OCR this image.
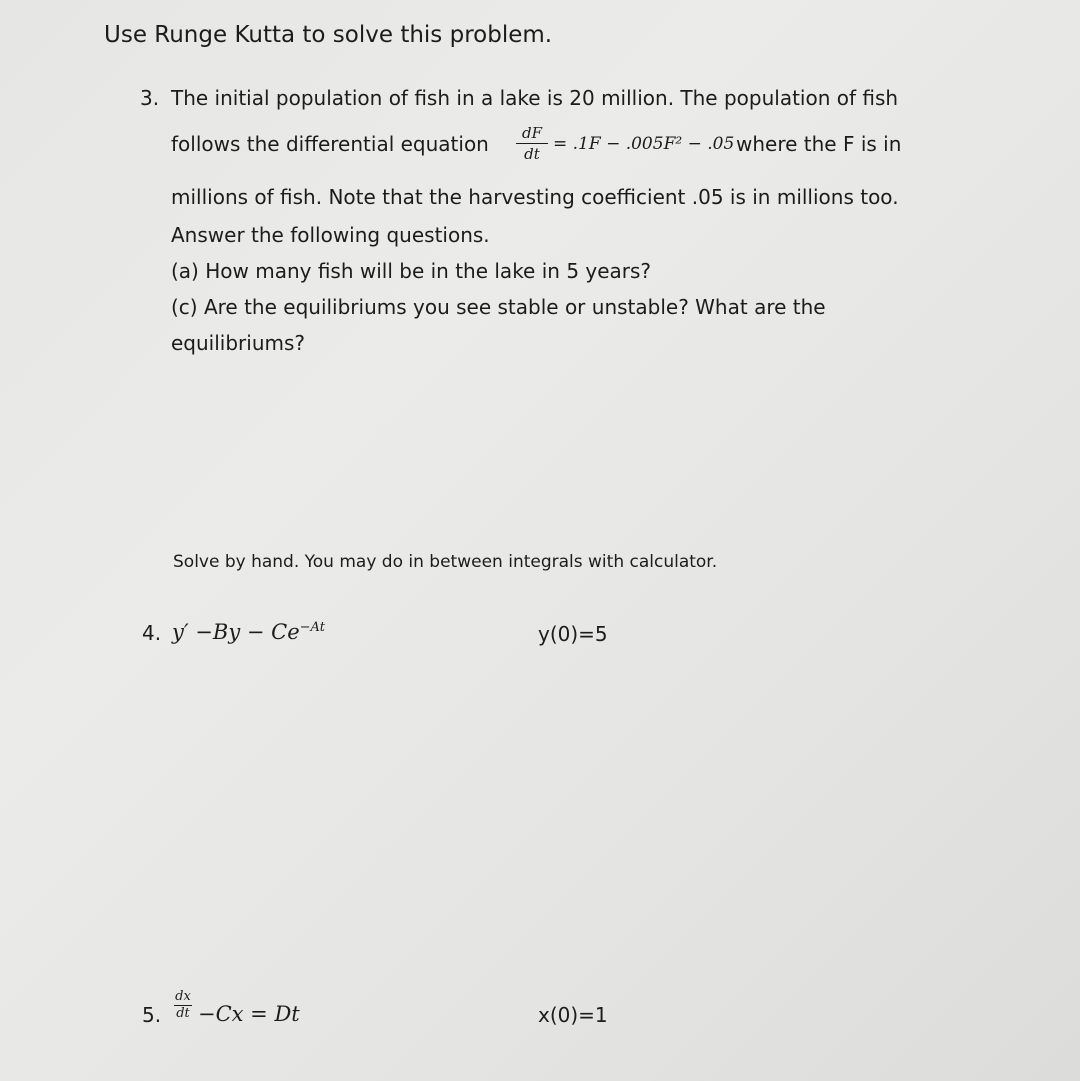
Use Runge Kutta to solve this problem.
3. The initial population of fish in a lake is 20 million. The population of fish
follows the differential equation	dF
dt = .1F − .005F² − .05 where the F is in
millions of fish. Note that the harvesting coefficient .05 is in millions too.
Answer the following questions.
(a) How many fish will be in the lake in 5 years?
(c) Are the equilibriums you see stable or unstable? What are the
equilibriums?
Solve by hand. You may do in between integrals with calculator.
4. $y' -By - Ce^{-At}$	y(0)=5
5.
dx
dt −Cx = Dt	x(0)=1
